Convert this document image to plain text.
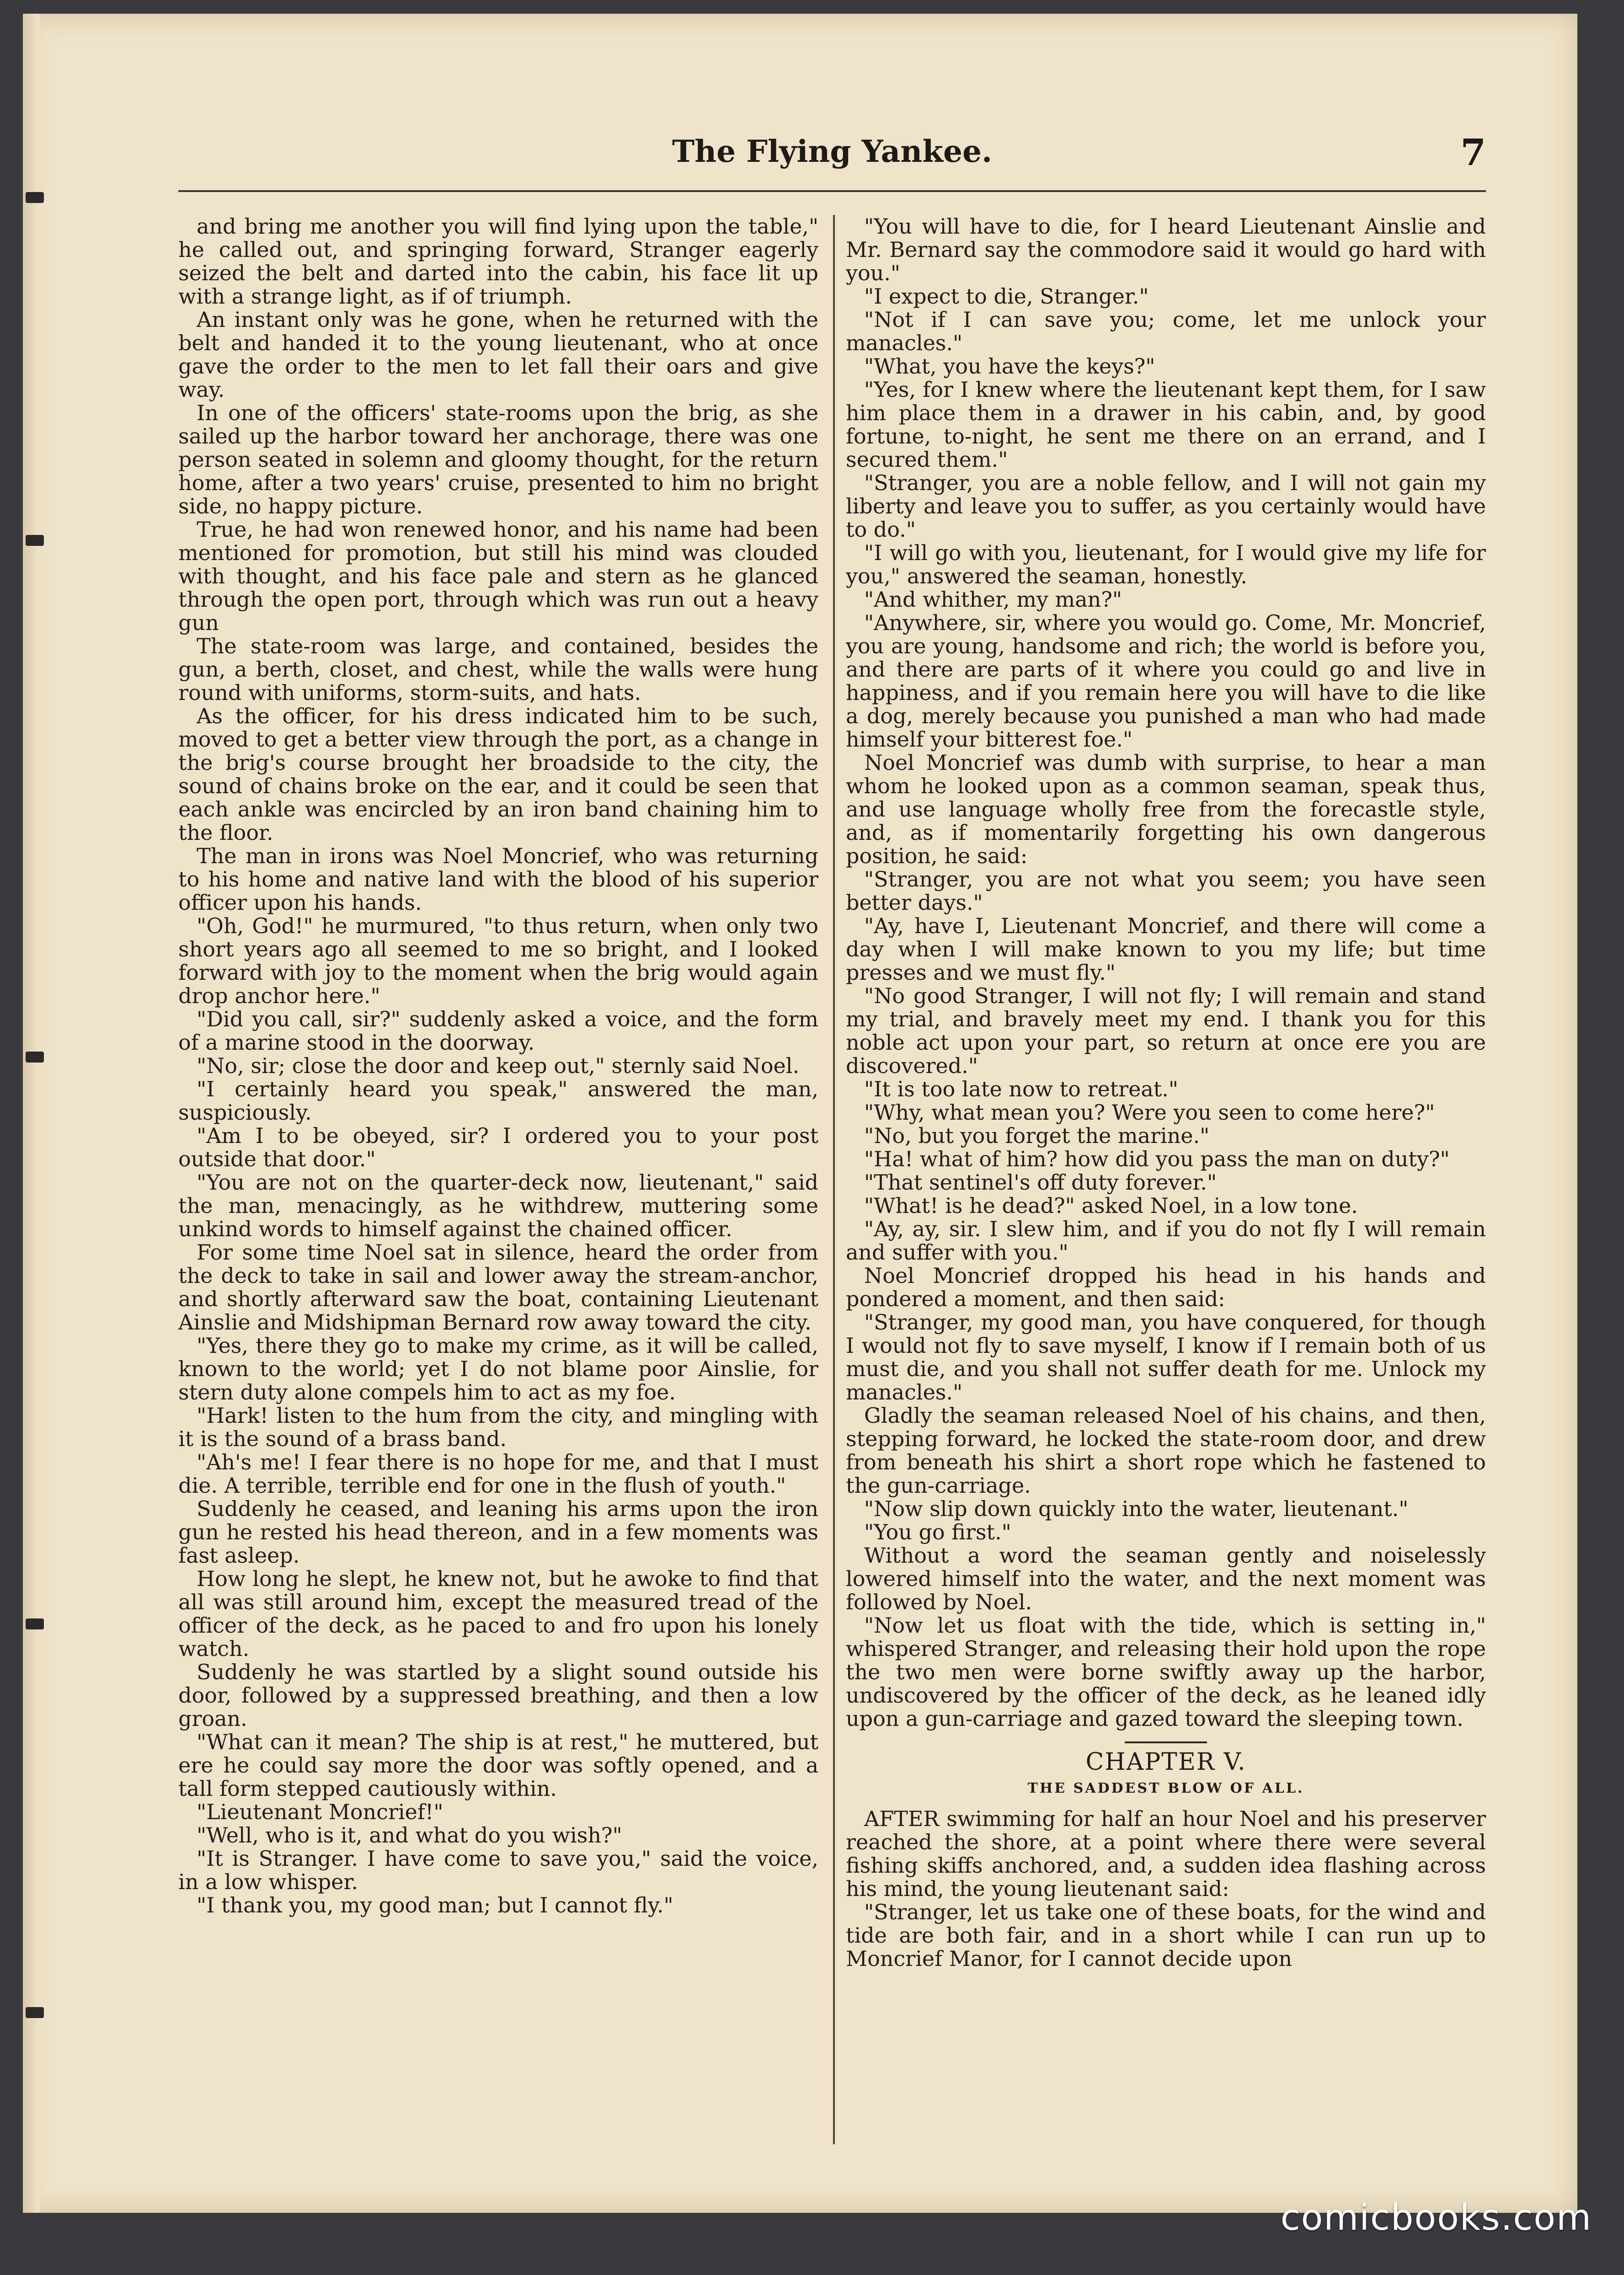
The Flying Yankee.	7

and bring me another you will find lying upon the table," he called out, and springing forward, Stranger eagerly seized the belt and darted into the cabin, his face lit up with a strange light, as if of triumph.

An instant only was he gone, when he returned with the belt and handed it to the young lieutenant, who at once gave the order to the men to let fall their oars and give way.

In one of the officers' state-rooms upon the brig, as she sailed up the harbor toward her anchorage, there was one person seated in solemn and gloomy thought, for the return home, after a two years' cruise, presented to him no bright side, no happy picture.

True, he had won renewed honor, and his name had been mentioned for promotion, but still his mind was clouded with thought, and his face pale and stern as he glanced through the open port, through which was run out a heavy gun

The state-room was large, and contained, besides the gun, a berth, closet, and chest, while the walls were hung round with uniforms, storm-suits, and hats.

As the officer, for his dress indicated him to be such, moved to get a better view through the port, as a change in the brig's course brought her broadside to the city, the sound of chains broke on the ear, and it could be seen that each ankle was encircled by an iron band chaining him to the floor.

The man in irons was Noel Moncrief, who was returning to his home and native land with the blood of his superior officer upon his hands.

"Oh, God!" he murmured, "to thus return, when only two short years ago all seemed to me so bright, and I looked forward with joy to the moment when the brig would again drop anchor here."

"Did you call, sir?" suddenly asked a voice, and the form of a marine stood in the doorway.

"No, sir; close the door and keep out," sternly said Noel.

"I certainly heard you speak," answered the man, suspiciously.

"Am I to be obeyed, sir? I ordered you to your post outside that door."

"You are not on the quarter-deck now, lieutenant," said the man, menacingly, as he withdrew, muttering some unkind words to himself against the chained officer.

For some time Noel sat in silence, heard the order from the deck to take in sail and lower away the stream-anchor, and shortly afterward saw the boat, containing Lieutenant Ainslie and Midshipman Bernard row away toward the city.

"Yes, there they go to make my crime, as it will be called, known to the world; yet I do not blame poor Ainslie, for stern duty alone compels him to act as my foe.

"Hark! listen to the hum from the city, and mingling with it is the sound of a brass band.

"Ah's me! I fear there is no hope for me, and that I must die. A terrible, terrible end for one in the flush of youth."

Suddenly he ceased, and leaning his arms upon the iron gun he rested his head thereon, and in a few moments was fast asleep.

How long he slept, he knew not, but he awoke to find that all was still around him, except the measured tread of the officer of the deck, as he paced to and fro upon his lonely watch.

Suddenly he was startled by a slight sound outside his door, followed by a suppressed breathing, and then a low groan.

"What can it mean? The ship is at rest," he muttered, but ere he could say more the door was softly opened, and a tall form stepped cautiously within.

"Lieutenant Moncrief!"

"Well, who is it, and what do you wish?"

"It is Stranger. I have come to save you," said the voice, in a low whisper.

"I thank you, my good man; but I cannot fly."

"You will have to die, for I heard Lieutenant Ainslie and Mr. Bernard say the commodore said it would go hard with you."

"I expect to die, Stranger."

"Not if I can save you; come, let me unlock your manacles."

"What, you have the keys?"

"Yes, for I knew where the lieutenant kept them, for I saw him place them in a drawer in his cabin, and, by good fortune, to-night, he sent me there on an errand, and I secured them."

"Stranger, you are a noble fellow, and I will not gain my liberty and leave you to suffer, as you certainly would have to do."

"I will go with you, lieutenant, for I would give my life for you," answered the seaman, honestly.

"And whither, my man?"

"Anywhere, sir, where you would go. Come, Mr. Moncrief, you are young, handsome and rich; the world is before you, and there are parts of it where you could go and live in happiness, and if you remain here you will have to die like a dog, merely because you punished a man who had made himself your bitterest foe."

Noel Moncrief was dumb with surprise, to hear a man whom he looked upon as a common seaman, speak thus, and use language wholly free from the forecastle style, and, as if momentarily forgetting his own dangerous position, he said:

"Stranger, you are not what you seem; you have seen better days."

"Ay, have I, Lieutenant Moncrief, and there will come a day when I will make known to you my life; but time presses and we must fly."

"No good Stranger, I will not fly; I will remain and stand my trial, and bravely meet my end. I thank you for this noble act upon your part, so return at once ere you are discovered."

"It is too late now to retreat."

"Why, what mean you? Were you seen to come here?"

"No, but you forget the marine."

"Ha! what of him? how did you pass the man on duty?"

"That sentinel's off duty forever."

"What! is he dead?" asked Noel, in a low tone.

"Ay, ay, sir. I slew him, and if you do not fly I will remain and suffer with you."

Noel Moncrief dropped his head in his hands and pondered a moment, and then said:

"Stranger, my good man, you have conquered, for though I would not fly to save myself, I know if I remain both of us must die, and you shall not suffer death for me. Unlock my manacles."

Gladly the seaman released Noel of his chains, and then, stepping forward, he locked the state-room door, and drew from beneath his shirt a short rope which he fastened to the gun-carriage.

"Now slip down quickly into the water, lieutenant."

"You go first."

Without a word the seaman gently and noiselessly lowered himself into the water, and the next moment was followed by Noel.

"Now let us float with the tide, which is setting in," whispered Stranger, and releasing their hold upon the rope the two men were borne swiftly away up the harbor, undiscovered by the officer of the deck, as he leaned idly upon a gun-carriage and gazed toward the sleeping town.

CHAPTER V.
THE SADDEST BLOW OF ALL.

AFTER swimming for half an hour Noel and his preserver reached the shore, at a point where there were several fishing skiffs anchored, and, a sudden idea flashing across his mind, the young lieutenant said:

"Stranger, let us take one of these boats, for the wind and tide are both fair, and in a short while I can run up to Moncrief Manor, for I cannot decide upon

comicbooks.com
